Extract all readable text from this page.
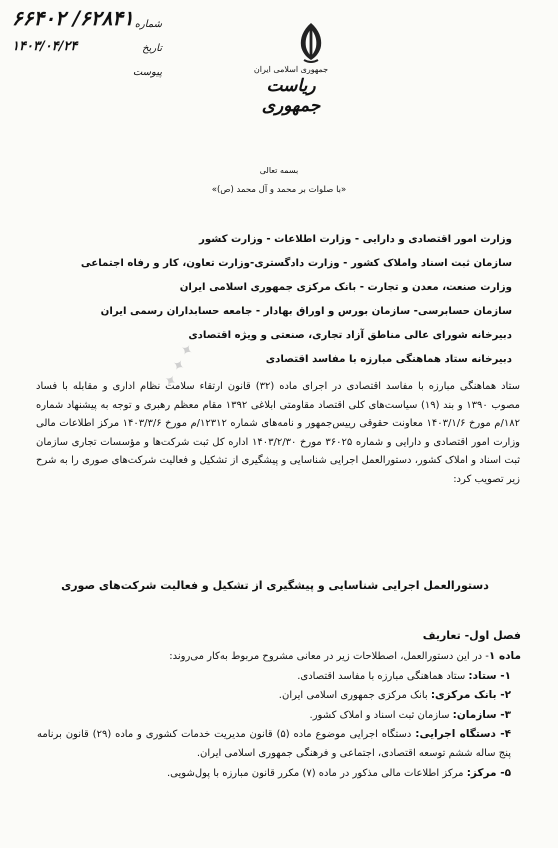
شماره
۶۲۸۴۱/ ۶۶۴۰۲
تاریخ
۱۴۰۳/۰۴/۲۴
پیوست	جمهوری اسلامی ایران
ریاست جمهوری
بسمه تعالی
«با صلوات بر محمد و آل محمد (ص)»
وزارت امور اقتصادی و دارایی - وزارت اطلاعات - وزارت کشور
سازمان ثبت اسناد واملاک کشور - وزارت دادگستری-وزارت تعاون، کار و رفاه اجتماعی
وزارت صنعت، معدن و تجارت - بانک مرکزی جمهوری اسلامی ایران
سازمان حسابرسی- سازمان بورس و اوراق بهادار - جامعه حسابداران رسمی ایران
دبیرخانه شورای عالی مناطق آزاد تجاری، صنعتی و ویژه اقتصادی
دبیرخانه ستاد هماهنگی مبارزه با مفاسد اقتصادی
✦ ✦ ✦
ستاد هماهنگی مبارزه با مفاسد اقتصادی در اجرای ماده (۳۲) قانون ارتقاء سلامت نظام اداری و مقابله با فساد مصوب ۱۳۹۰ و بند (۱۹) سیاست‌های کلی اقتصاد مقاومتی ابلاغی ۱۳۹۲ مقام معظم رهبری و توجه به پیشنهاد شماره ۱۸۲/م مورخ ۱۴۰۳/۱/۶ معاونت حقوقی رییس‌جمهور و نامه‌های شماره ۱۲۳۱۲/م مورخ ۱۴۰۳/۳/۶ مرکز اطلاعات مالی وزارت امور اقتصادی و دارایی و شماره ۳۶۰۲۵ مورخ ۱۴۰۳/۲/۳۰ اداره کل ثبت شرکت‌ها و مؤسسات تجاری سازمان ثبت اسناد و املاک کشور، دستورالعمل اجرایی شناسایی و پیشگیری از تشکیل و فعالیت شرکت‌های صوری را به شرح زیر تصویب کرد:
دستورالعمل اجرایی شناسایی و پیشگیری از تشکیل و فعالیت شرکت‌های صوری
فصل اول- تعاریف
ماده ۱- در این دستورالعمل، اصطلاحات زیر در معانی مشروح مربوط به‌کار می‌روند:
۱- ستاد: ستاد هماهنگی مبارزه با مفاسد اقتصادی.
۲- بانک مرکزی: بانک مرکزی جمهوری اسلامی ایران.
۳- سازمان: سازمان ثبت اسناد و املاک کشور.
۴- دستگاه اجرایی: دستگاه اجرایی موضوع ماده (۵) قانون مدیریت خدمات کشوری و ماده (۲۹) قانون برنامه پنج ساله ششم توسعه اقتصادی، اجتماعی و فرهنگی جمهوری اسلامی ایران.
۵- مرکز: مرکز اطلاعات مالی مذکور در ماده (۷) مکرر قانون مبارزه با پول‌شویی.
